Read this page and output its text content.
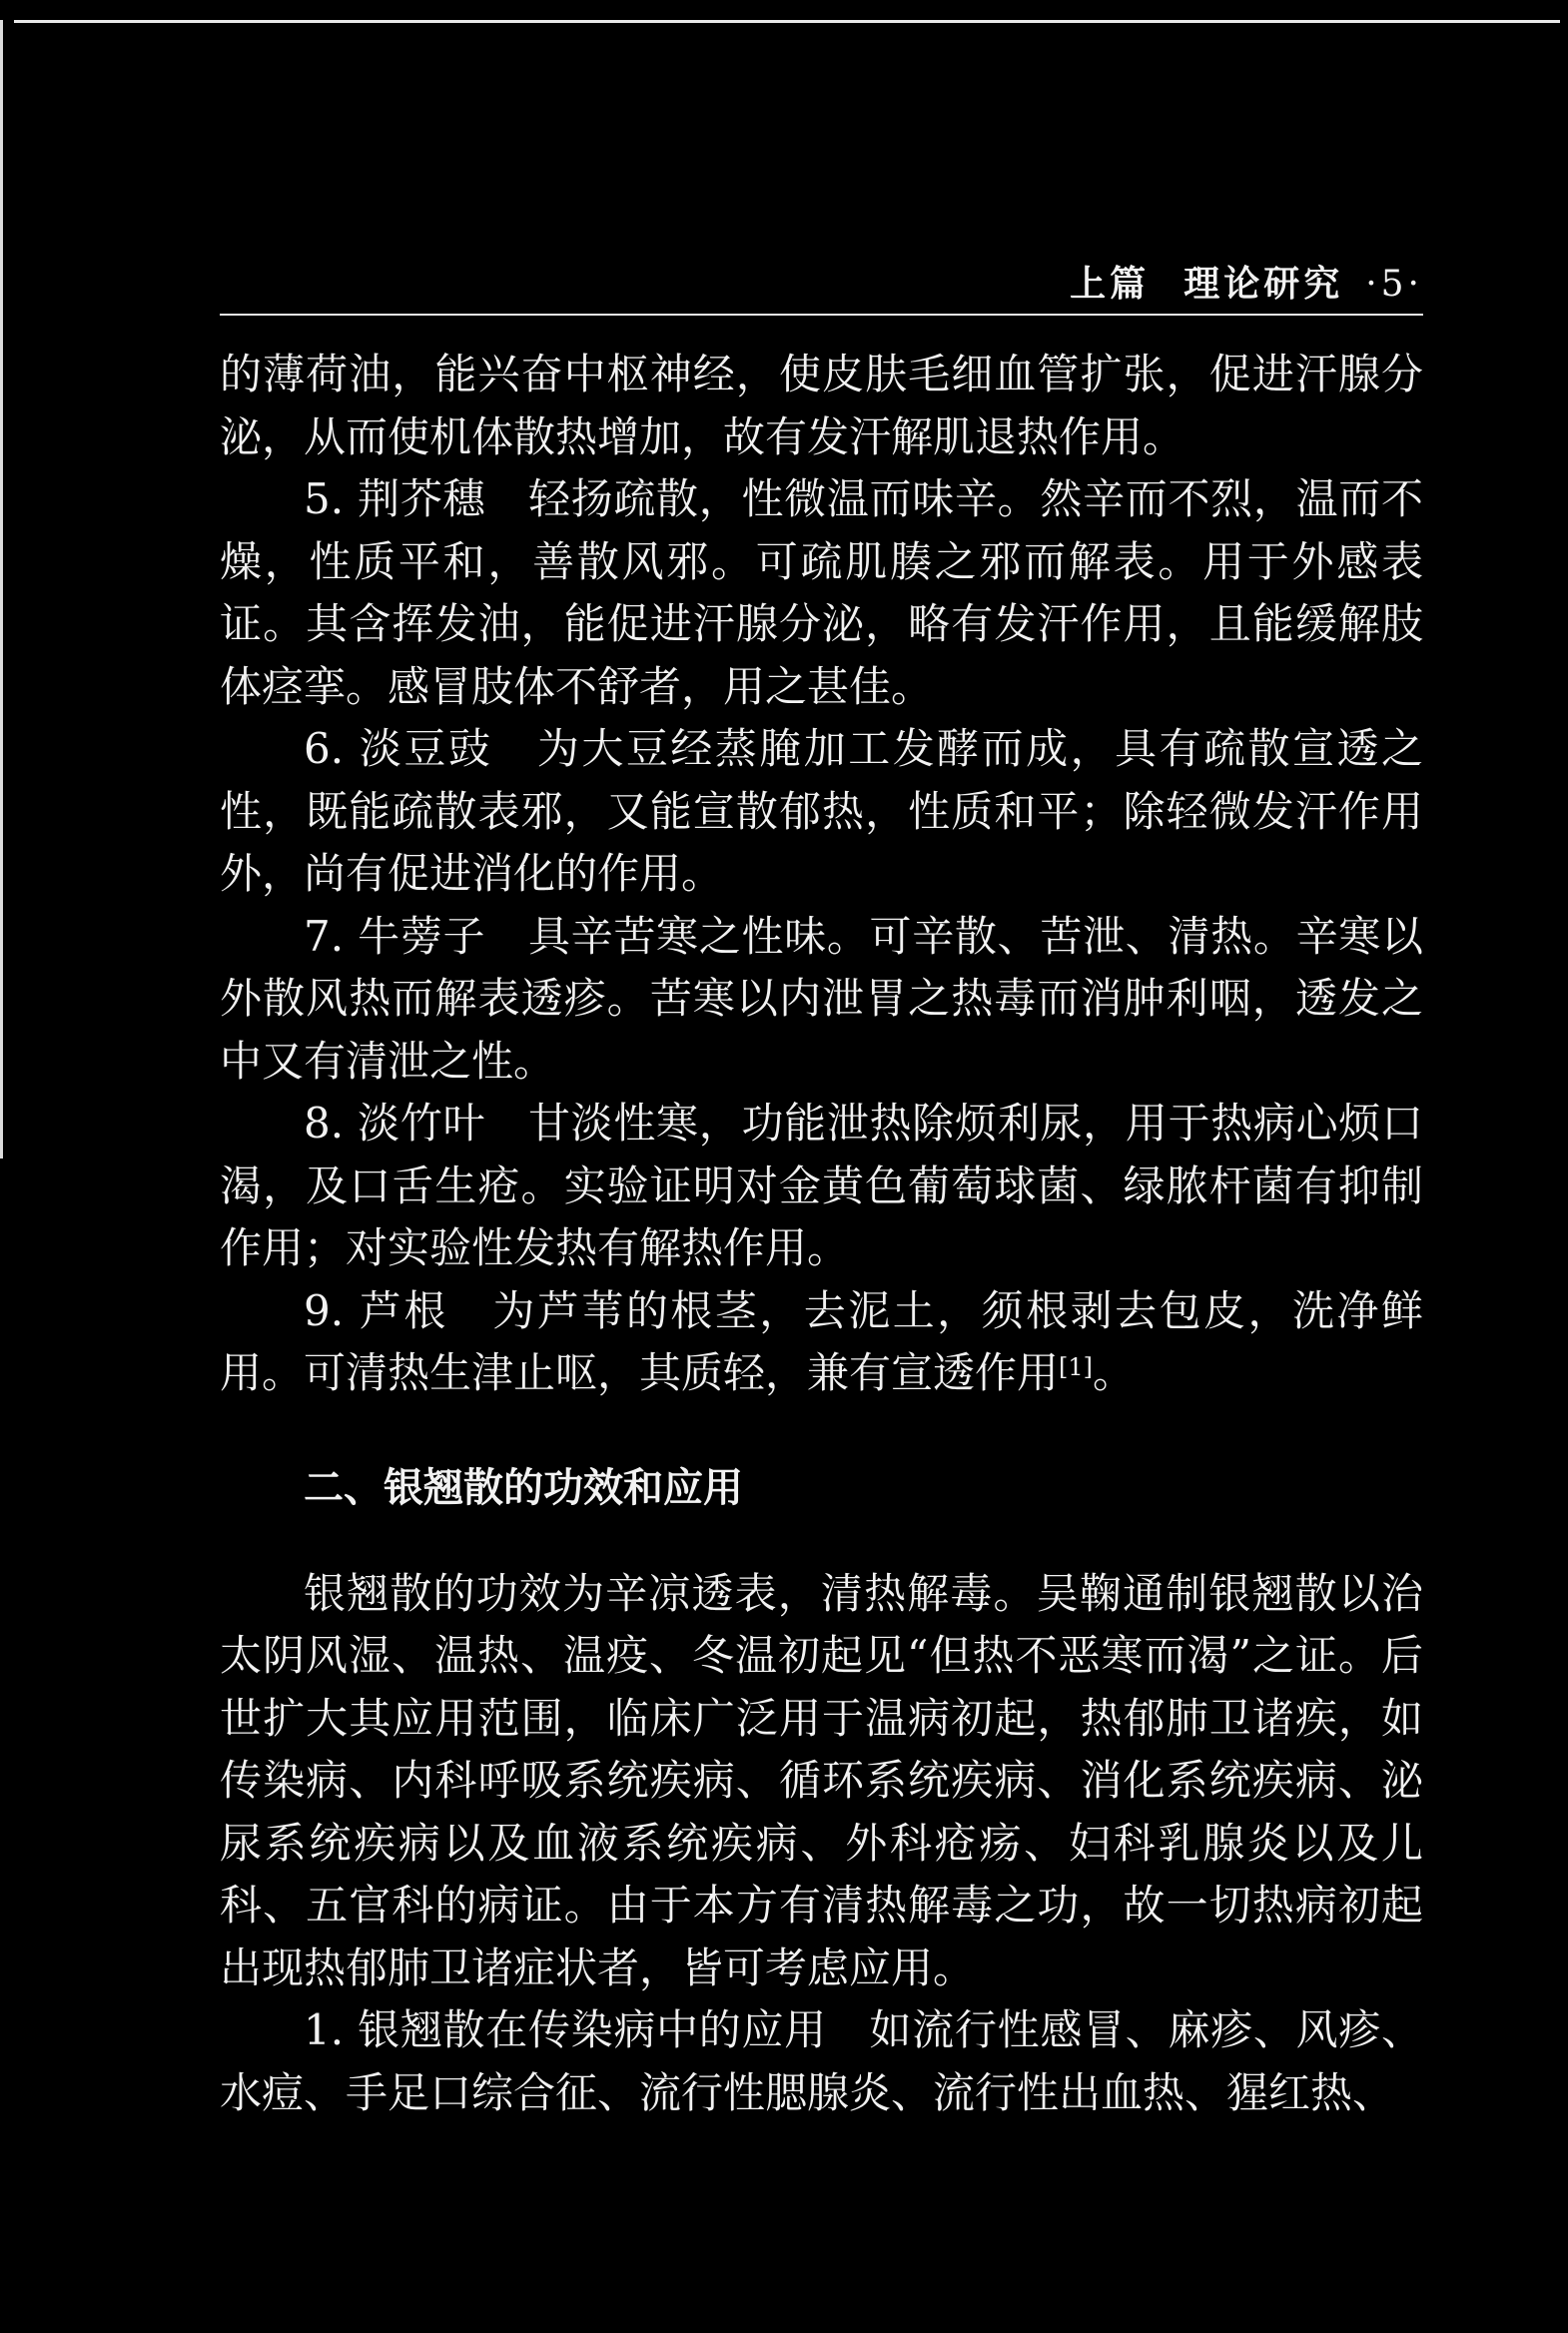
上篇 理论研究 ·5·

的薄荷油，能兴奋中枢神经，使皮肤毛细血管扩张，促进汗腺分泌，从而使机体散热增加，故有发汗解肌退热作用。

5. 荆芥穗 轻扬疏散，性微温而味辛。然辛而不烈，温而不燥，性质平和，善散风邪。可疏肌腠之邪而解表。用于外感表证。其含挥发油，能促进汗腺分泌，略有发汗作用，且能缓解肢体痉挛。感冒肢体不舒者，用之甚佳。

6. 淡豆豉 为大豆经蒸腌加工发酵而成，具有疏散宣透之性，既能疏散表邪，又能宣散郁热，性质和平；除轻微发汗作用外，尚有促进消化的作用。

7. 牛蒡子 具辛苦寒之性味。可辛散、苦泄、清热。辛寒以外散风热而解表透疹。苦寒以内泄胃之热毒而消肿利咽，透发之中又有清泄之性。

8. 淡竹叶 甘淡性寒，功能泄热除烦利尿，用于热病心烦口渴，及口舌生疮。实验证明对金黄色葡萄球菌、绿脓杆菌有抑制作用；对实验性发热有解热作用。

9. 芦根 为芦苇的根茎，去泥土，须根剥去包皮，洗净鲜用。可清热生津止呕，其质轻，兼有宣透作用[1]。

二、银翘散的功效和应用

银翘散的功效为辛凉透表，清热解毒。吴鞠通制银翘散以治太阴风湿、温热、温疫、冬温初起见“但热不恶寒而渴”之证。后世扩大其应用范围，临床广泛用于温病初起，热郁肺卫诸疾，如传染病、内科呼吸系统疾病、循环系统疾病、消化系统疾病、泌尿系统疾病以及血液系统疾病、外科疮疡、妇科乳腺炎以及儿科、五官科的病证。由于本方有清热解毒之功，故一切热病初起出现热郁肺卫诸症状者，皆可考虑应用。

1. 银翘散在传染病中的应用 如流行性感冒、麻疹、风疹、水痘、手足口综合征、流行性腮腺炎、流行性出血热、猩红热、
